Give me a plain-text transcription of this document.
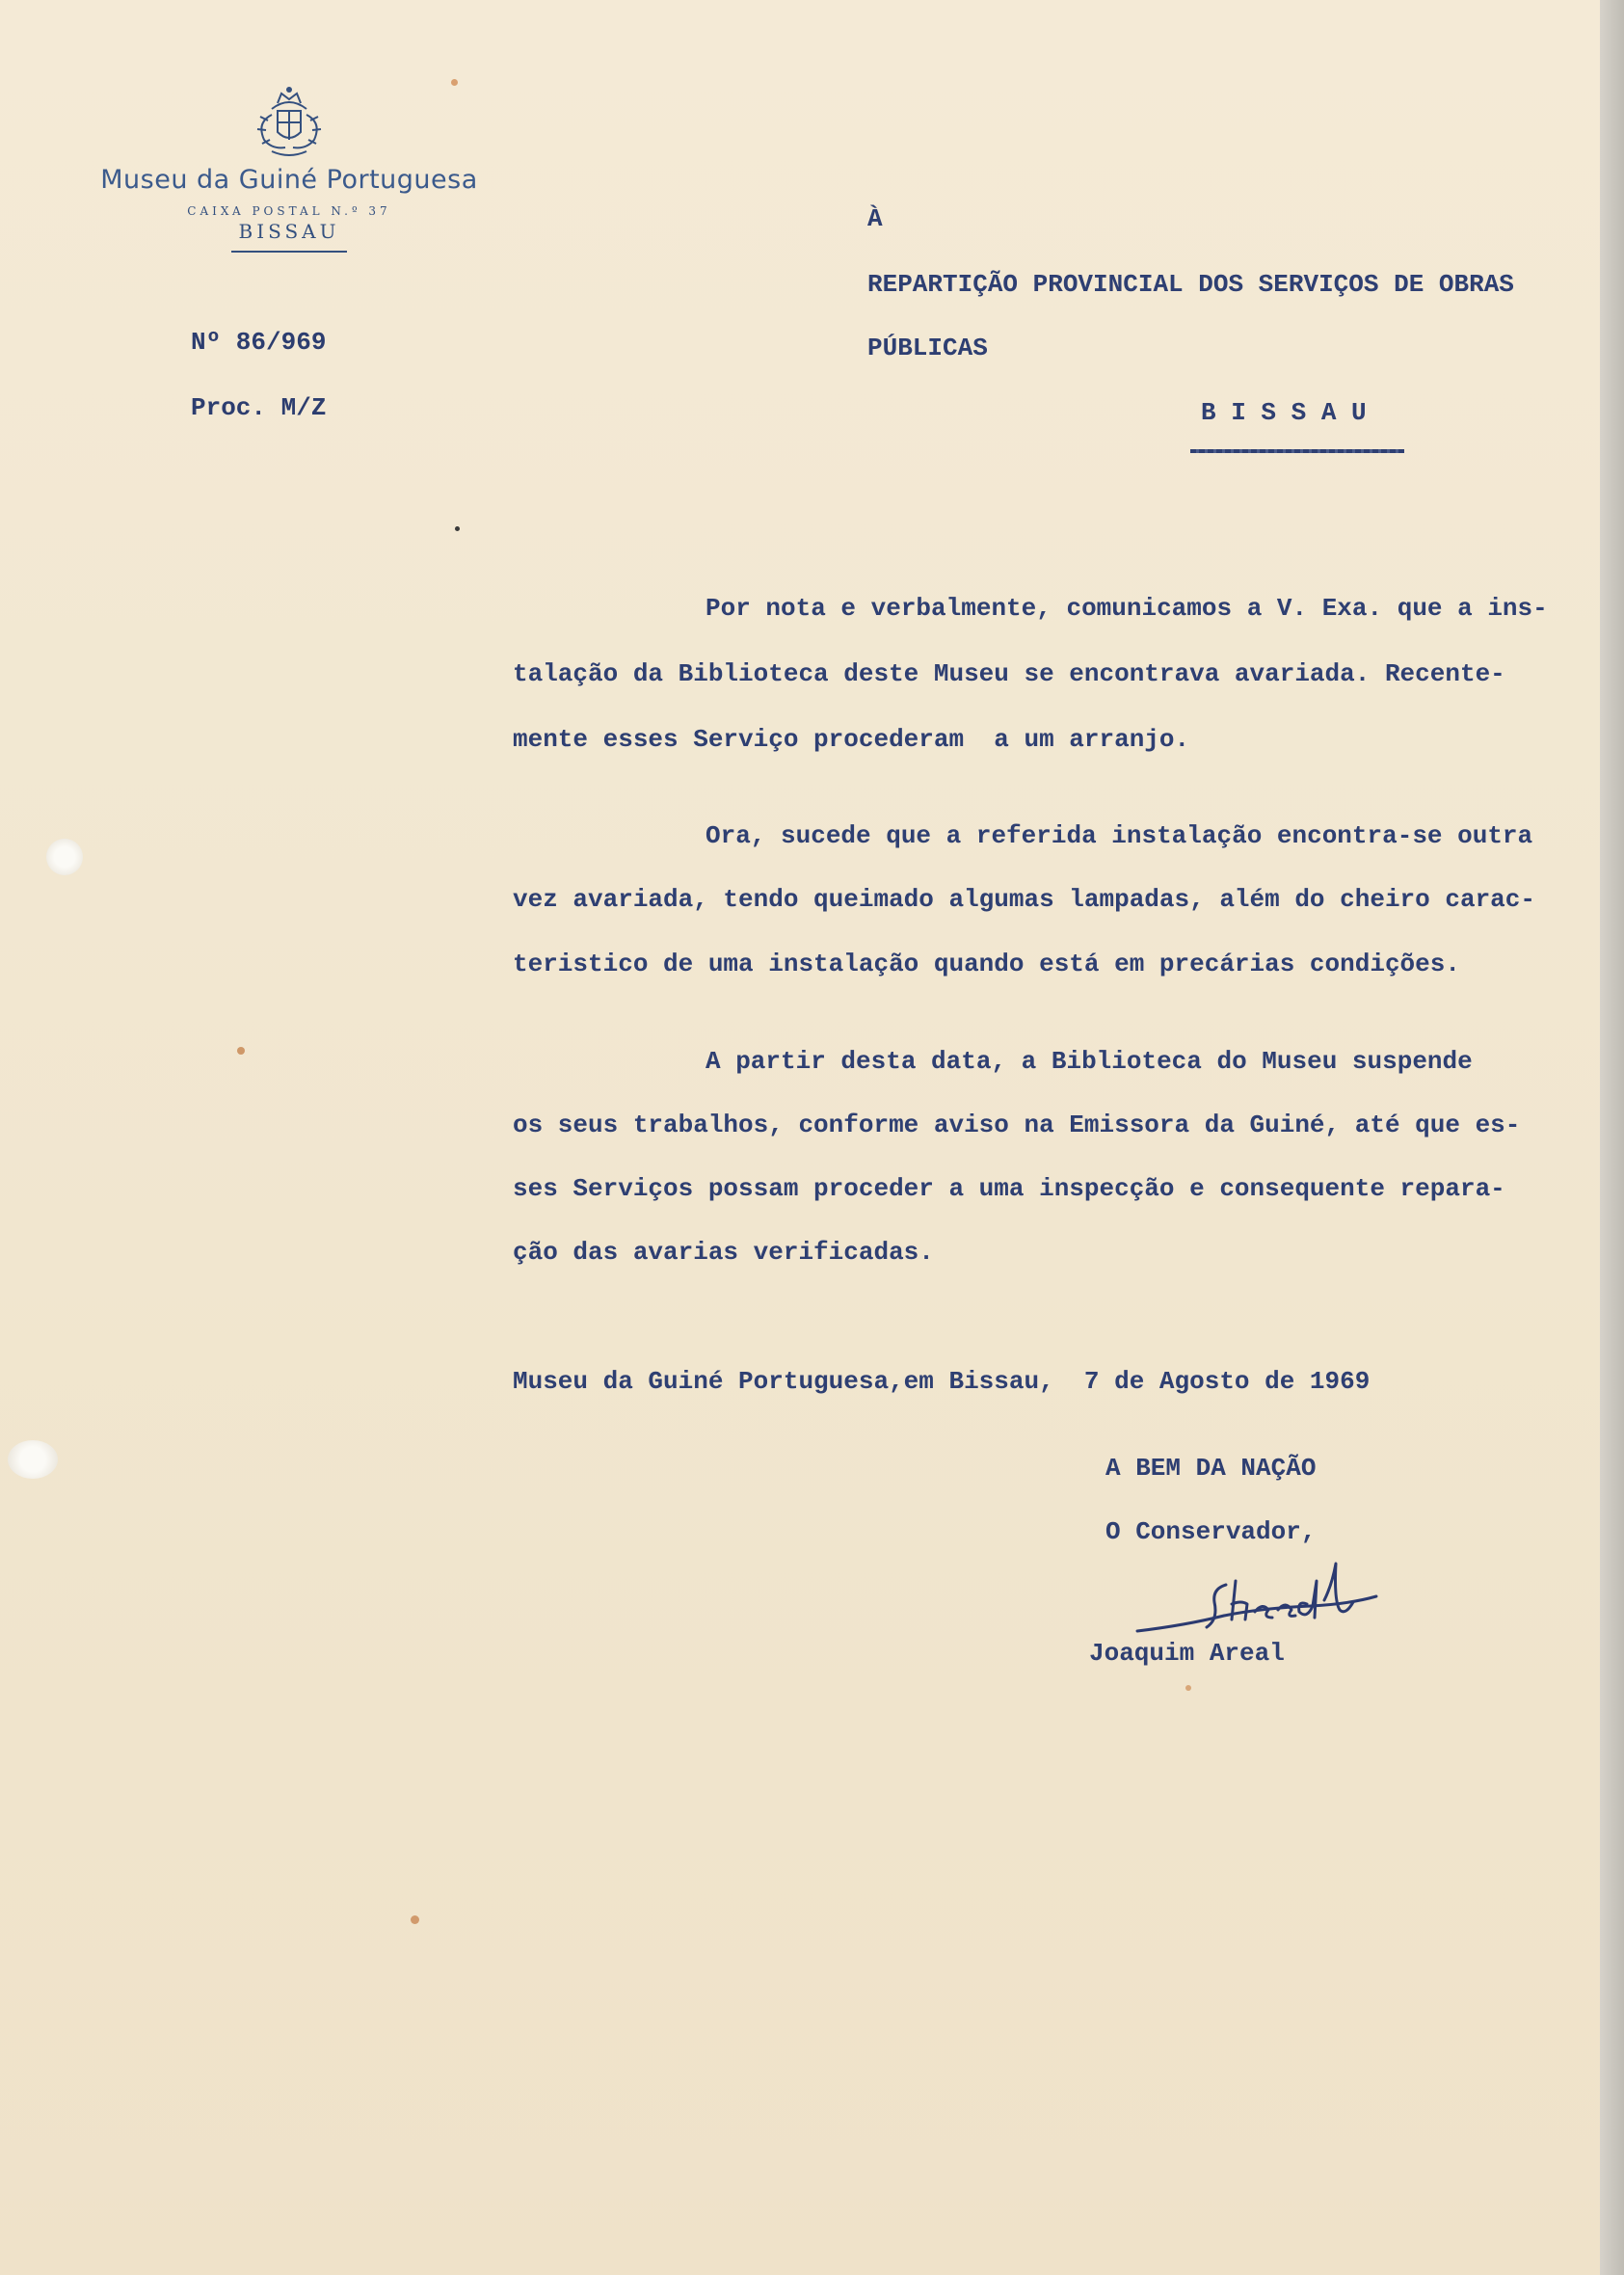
Museu da Guiné Portuguesa
CAIXA POSTAL N.º 37
BISSAU
Nº 86/969
Proc. M/Z
À
REPARTIÇÃO PROVINCIAL DOS SERVIÇOS DE OBRAS
PÚBLICAS
B I S S A U
Por nota e verbalmente, comunicamos a V. Exa. que a ins-
talação da Biblioteca deste Museu se encontrava avariada. Recente-
mente esses Serviço procederam  a um arranjo.
Ora, sucede que a referida instalação encontra-se outra
vez avariada, tendo queimado algumas lampadas, além do cheiro carac-
teristico de uma instalação quando está em precárias condições.
A partir desta data, a Biblioteca do Museu suspende
os seus trabalhos, conforme aviso na Emissora da Guiné, até que es-
ses Serviços possam proceder a uma inspecção e consequente repara-
ção das avarias verificadas.
Museu da Guiné Portuguesa,em Bissau,  7 de Agosto de 1969
A BEM DA NAÇÃO
O Conservador,
Joaquim Areal
